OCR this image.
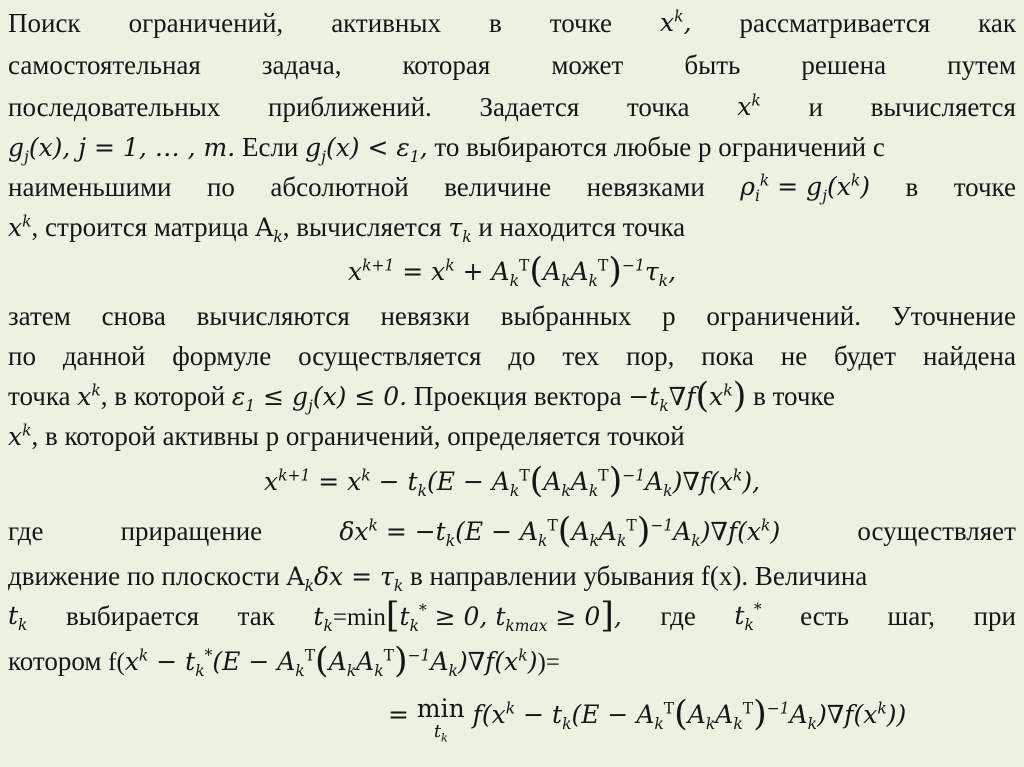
Поиск ограничений, активных в точке $x^k$, рассматривается как
самостоятельная задача, которая может быть решена путем
последовательных приближений. Задается точка $x^k$ и вычисляется
$g_j(x)$, j = 1, … , m. Если $g_j(x) < \varepsilon_1$, то выбираются любые р ограничений с
наименьшими по абсолютной величине невязками $\rho_i^k = g_j(x^k)$ в точке
$x^k$, строится матрица $A_k$, вычисляется $\tau_k$ и находится точка
$x^{k+1} = x^k + A_k^T(A_kA_k^T)^{-1}\tau_k$,
затем снова вычисляются невязки выбранных р ограничений. Уточнение
по данной формуле осуществляется до тех пор, пока не будет найдена
точка $x^k$, в которой $\varepsilon_1 \le g_j(x) \le 0$. Проекция вектора $-t_k\nabla f(x^k)$ в точке
$x^k$, в которой активны р ограничений, определяется точкой
$x^{k+1} = x^k - t_k(E - A_k^T(A_kA_k^T)^{-1}A_k)\nabla f(x^k)$,
где	приращение	$\delta x^k = -t_k(E - A_k^T(A_kA_k^T)^{-1}A_k)\nabla f(x^k)$	осуществляет
движение по плоскости $A_k\delta x = \tau_k$ в направлении убывания f(x). Величина
$t_k$ выбирается так $t_k=\min[t_k^* \ge 0$, $t_{kmax} \ge 0$], где $t_k^*$ есть шаг, при
котором $f(x^k - t_k^*(E - A_k^T(A_kA_k^T)^{-1}A_k)\nabla f(x^k))=$
= min
$t_k$
$f(x^k - t_k(E - A_k^T(A_kA_k^T)^{-1}A_k)\nabla f(x^k))$
